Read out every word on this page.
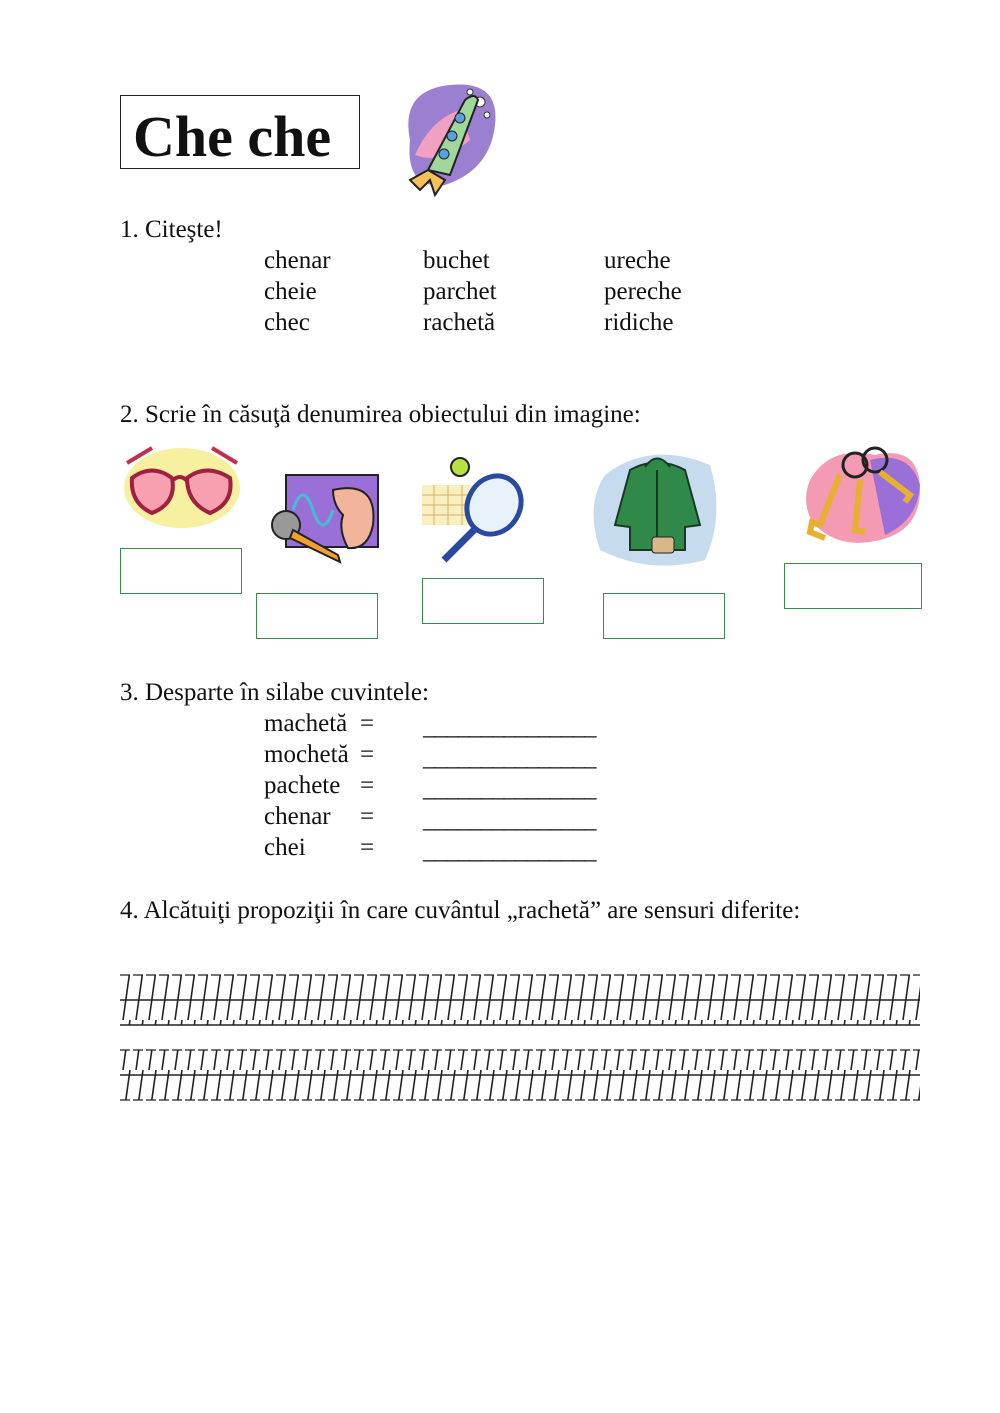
Che che
1. Citeşte!
chenar
cheie
chec
buchet
parchet
rachetă
ureche
pereche
ridiche
2. Scrie în căsuţă denumirea obiectului din imagine:
3. Desparte în silabe cuvintele:
machetă = _______________
mochetă = _______________
pachete = _______________
chenar = _______________
chei = _______________
4. Alcătuiţi propoziţii în care cuvântul „rachetă” are sensuri diferite:
